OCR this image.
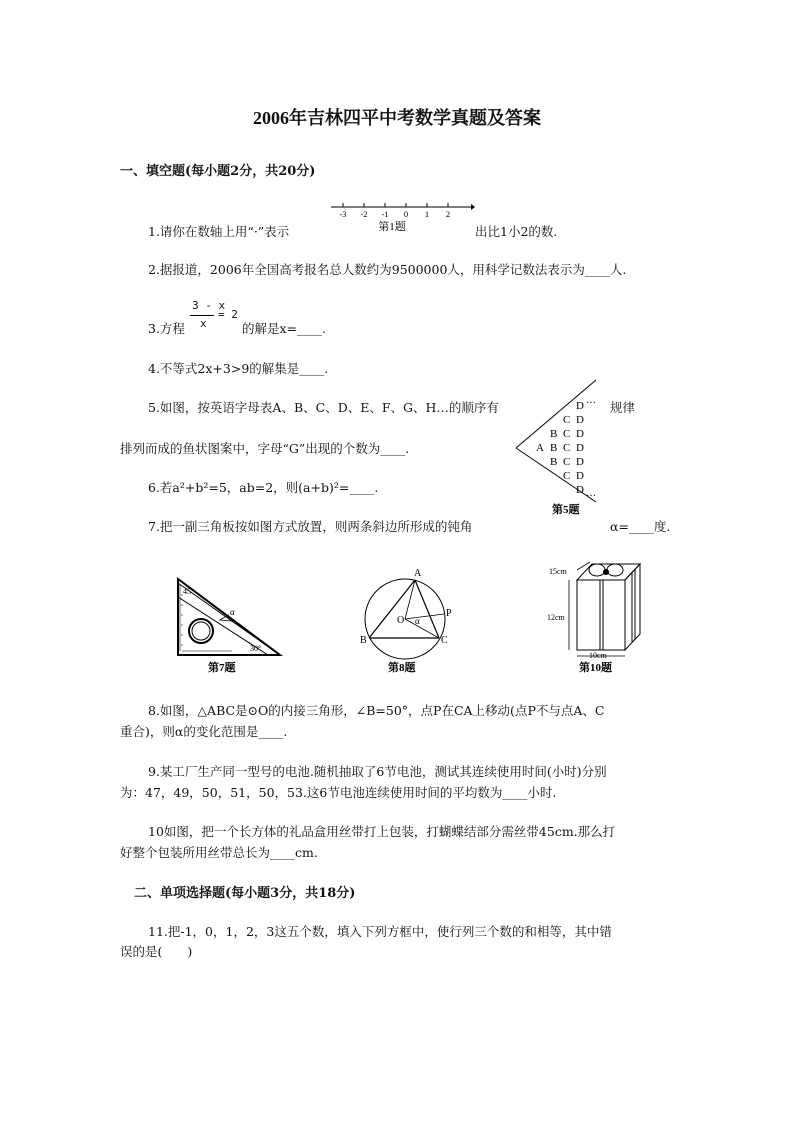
2006年吉林四平中考数学真题及答案
一、填空题(每小题2分，共20分)
1.请你在数轴上用“·”表示
-3 -2 -1 0 1 2
第1题	出比1小2的数.
2.据报道，2006年全国高考报名总人数约为9500000人，用科学记数法表示为____人.
3.方程
3 - x
x
= 2
的解是x=____.
4.不等式2x+3>9的解集是____.
5.如图，按英语字母表A、B、C、D、E、F、G、H…的顺序有	规律
排列而成的鱼状图案中，字母“G”出现的个数为____.	A
B
B
B
C
C
C
C
C
D
D
D
D
D
D
D
…
…
第5题
6.若a²+b²=5，ab=2，则(a+b)²=____.
7.把一副三角板按如图方式放置，则两条斜边所形成的钝角	α=____度.
45°
30°
α
第7题
A
B	C
O
P
α
第8题
15cm
12cm
10cm
第10题
8.如图，△ABC是⊙O的内接三角形，∠B=50°，点P在CA上移动(点P不与点A、C
重合)，则α的变化范围是____.
9.某工厂生产同一型号的电池.随机抽取了6节电池，测试其连续使用时间(小时)分别
为：47，49，50，51，50，53.这6节电池连续使用时间的平均数为____小时.
10如图，把一个长方体的礼品盒用丝带打上包装，打蝴蝶结部分需丝带45cm.那么打
好整个包装所用丝带总长为____cm.
二、单项选择题(每小题3分，共18分)
11.把-1，0，1，2，3这五个数，填入下列方框中，使行列三个数的和相等，其中错
误的是(　　)
